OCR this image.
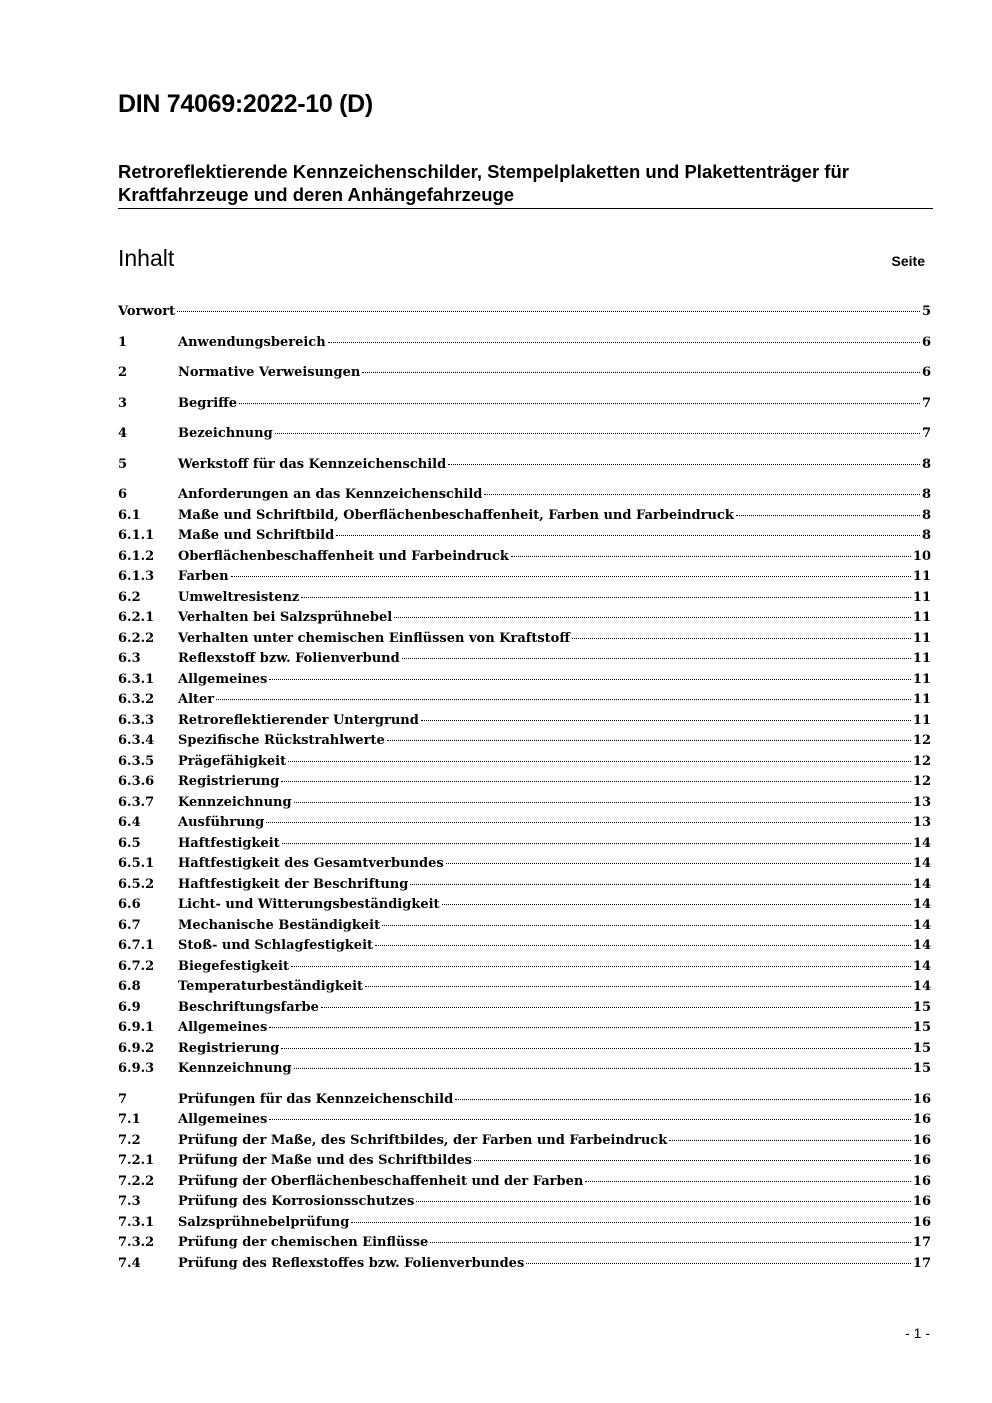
DIN 74069:2022-10 (D)
Retroreflektierende Kennzeichenschilder, Stempelplaketten und Plakettenträger für Kraftfahrzeuge und deren Anhängefahrzeuge
Inhalt	Seite
Vorwort	5
1	Anwendungsbereich	6
2	Normative Verweisungen	6
3	Begriffe	7
4	Bezeichnung	7
5	Werkstoff für das Kennzeichenschild	8
6	Anforderungen an das Kennzeichenschild	8
6.1	Maße und Schriftbild, Oberflächenbeschaffenheit, Farben und Farbeindruck	8
6.1.1	Maße und Schriftbild	8
6.1.2	Oberflächenbeschaffenheit und Farbeindruck	10
6.1.3	Farben	11
6.2	Umweltresistenz	11
6.2.1	Verhalten bei Salzsprühnebel	11
6.2.2	Verhalten unter chemischen Einflüssen von Kraftstoff	11
6.3	Reflexstoff bzw. Folienverbund	11
6.3.1	Allgemeines	11
6.3.2	Alter	11
6.3.3	Retroreflektierender Untergrund	11
6.3.4	Spezifische Rückstrahlwerte	12
6.3.5	Prägefähigkeit	12
6.3.6	Registrierung	12
6.3.7	Kennzeichnung	13
6.4	Ausführung	13
6.5	Haftfestigkeit	14
6.5.1	Haftfestigkeit des Gesamtverbundes	14
6.5.2	Haftfestigkeit der Beschriftung	14
6.6	Licht- und Witterungsbeständigkeit	14
6.7	Mechanische Beständigkeit	14
6.7.1	Stoß- und Schlagfestigkeit	14
6.7.2	Biegefestigkeit	14
6.8	Temperaturbeständigkeit	14
6.9	Beschriftungsfarbe	15
6.9.1	Allgemeines	15
6.9.2	Registrierung	15
6.9.3	Kennzeichnung	15
7	Prüfungen für das Kennzeichenschild	16
7.1	Allgemeines	16
7.2	Prüfung der Maße, des Schriftbildes, der Farben und Farbeindruck	16
7.2.1	Prüfung der Maße und des Schriftbildes	16
7.2.2	Prüfung der Oberflächenbeschaffenheit und der Farben	16
7.3	Prüfung des Korrosionsschutzes	16
7.3.1	Salzsprühnebelprüfung	16
7.3.2	Prüfung der chemischen Einflüsse	17
7.4	Prüfung des Reflexstoffes bzw. Folienverbundes	17
- 1 -
